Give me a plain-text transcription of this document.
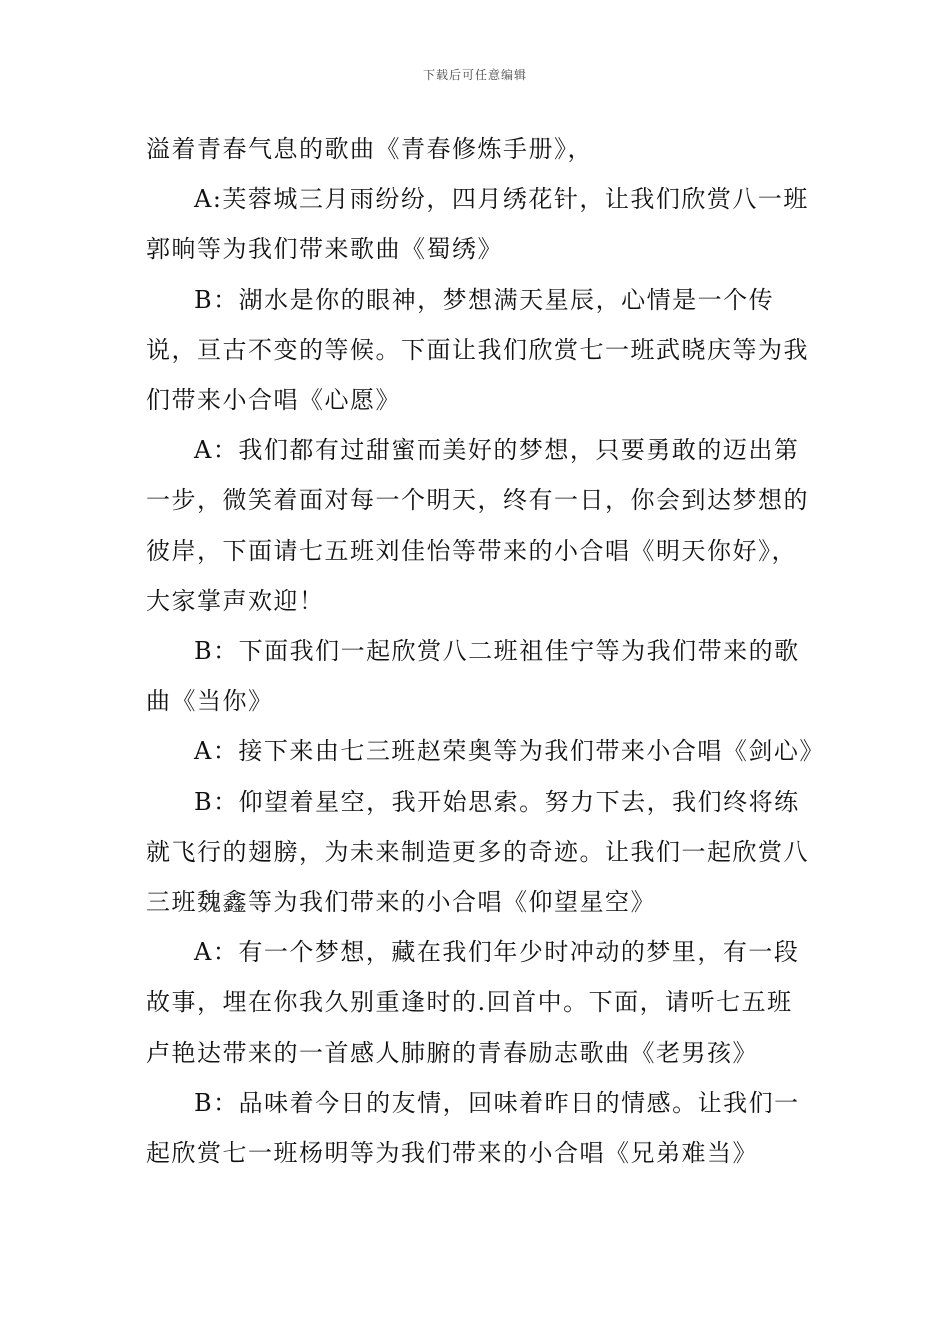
下载后可任意编辑

溢着青春气息的歌曲《青春修炼手册》，

A:芙蓉城三月雨纷纷，四月绣花针，让我们欣赏八一班郭晌等为我们带来歌曲《蜀绣》

B：湖水是你的眼神，梦想满天星辰，心情是一个传说，亘古不变的等候。下面让我们欣赏七一班武晓庆等为我们带来小合唱《心愿》

A：我们都有过甜蜜而美好的梦想，只要勇敢的迈出第一步，微笑着面对每一个明天，终有一日，你会到达梦想的彼岸，下面请七五班刘佳怡等带来的小合唱《明天你好》，大家掌声欢迎！

B：下面我们一起欣赏八二班祖佳宁等为我们带来的歌曲《当你》

A：接下来由七三班赵荣奥等为我们带来小合唱《剑心》

B：仰望着星空，我开始思索。努力下去，我们终将练就飞行的翅膀，为未来制造更多的奇迹。让我们一起欣赏八三班魏鑫等为我们带来的小合唱《仰望星空》

A：有一个梦想，藏在我们年少时冲动的梦里，有一段故事，埋在你我久别重逢时的.回首中。下面，请听七五班卢艳达带来的一首感人肺腑的青春励志歌曲《老男孩》

B：品味着今日的友情，回味着昨日的情感。让我们一起欣赏七一班杨明等为我们带来的小合唱《兄弟难当》
